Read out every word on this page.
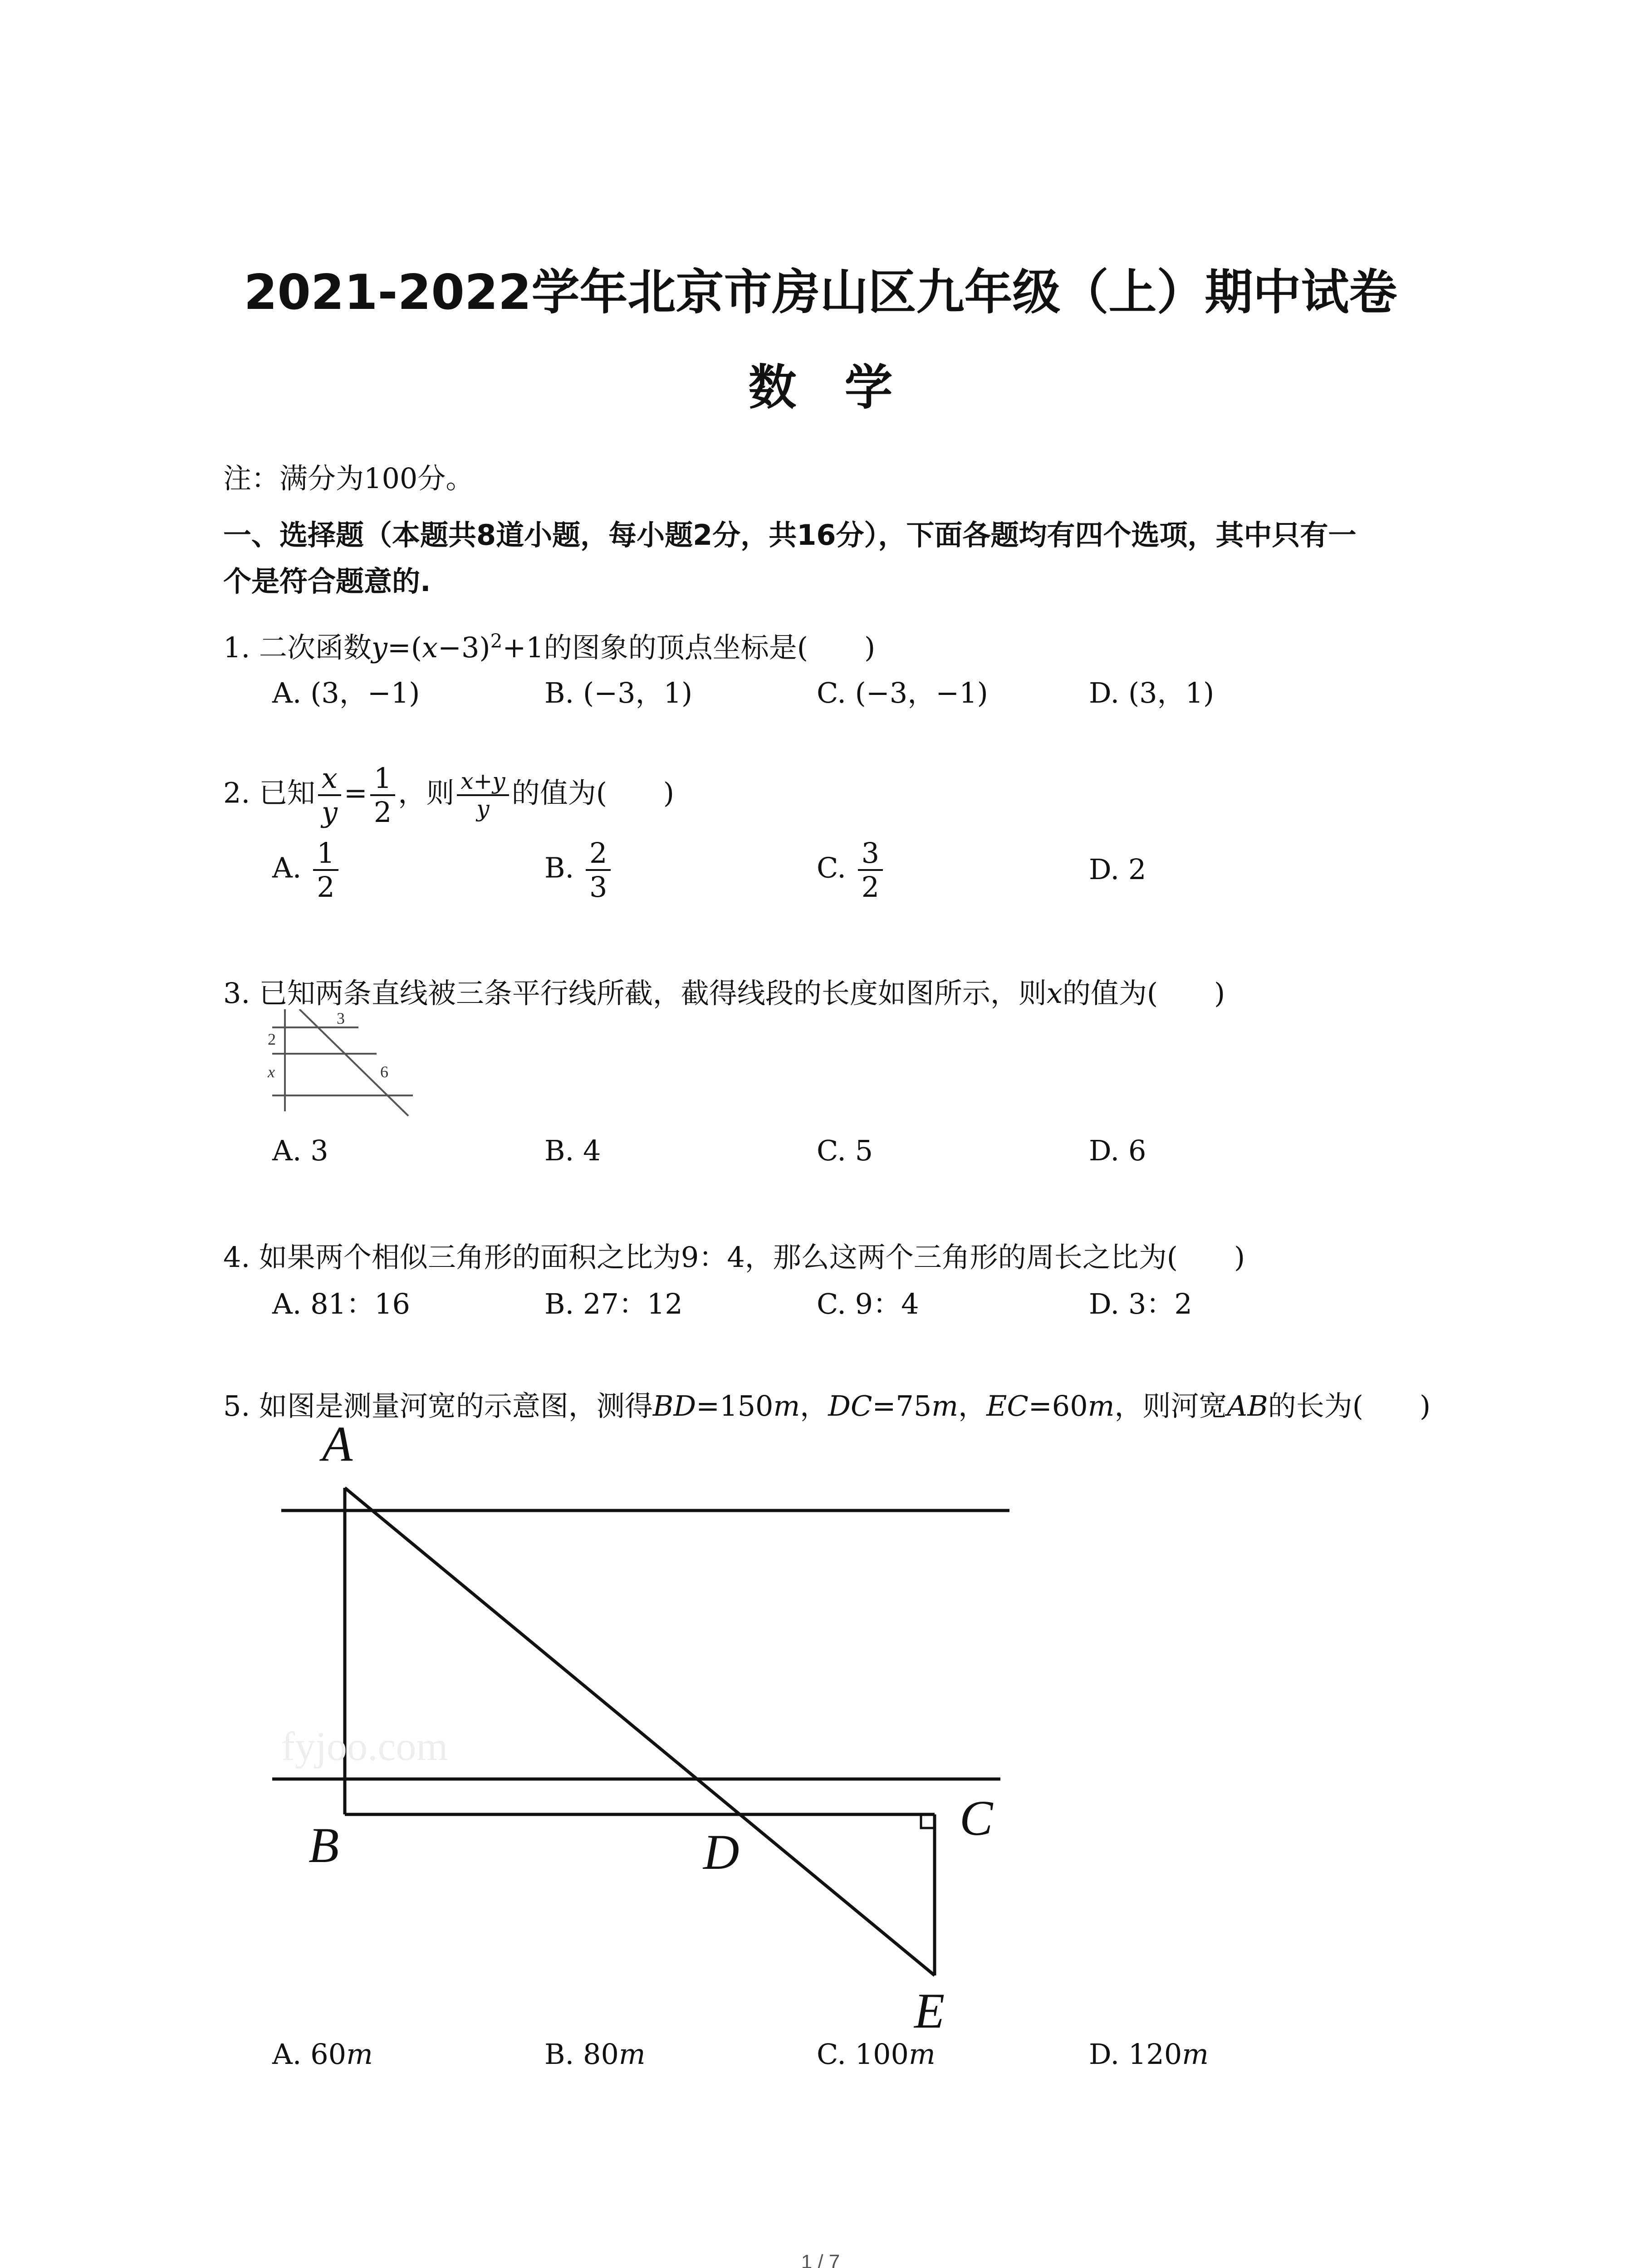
2021-2022学年北京市房山区九年级（上）期中试卷
数　学
注：满分为100分。
一、选择题（本题共8道小题，每小题2分，共16分），下面各题均有四个选项，其中只有一
个是符合题意的.
1. 二次函数$y=(x-3)^2+1$的图象的顶点坐标是(　　)
A. (3，−1)	B. (−3，1)	C. (−3，−1)	D. (3，1)
2. 已知 $\frac{x}{y} = \frac{1}{2}$ ，则 $\frac{x+y}{y}$ 的值为(　　)
A. $\frac{1}{2}$	B. $\frac{2}{3}$	C. $\frac{3}{2}$	D. 2
3. 已知两条直线被三条平行线所截，截得线段的长度如图所示，则x的值为(　　)
2
3
x	6
A. 3	B. 4	C. 5	D. 6
4. 如果两个相似三角形的面积之比为9：4，那么这两个三角形的周长之比为(　　)
A. 81：16	B. 27：12	C. 9：4	D. 3：2
5. 如图是测量河宽的示意图，测得BD=150m，DC=75m，EC=60m，则河宽AB的长为(　　)
fyjoo.com
A
B	C
D
E
A. 60m	B. 80m	C. 100m	D. 120m
1 / 7
